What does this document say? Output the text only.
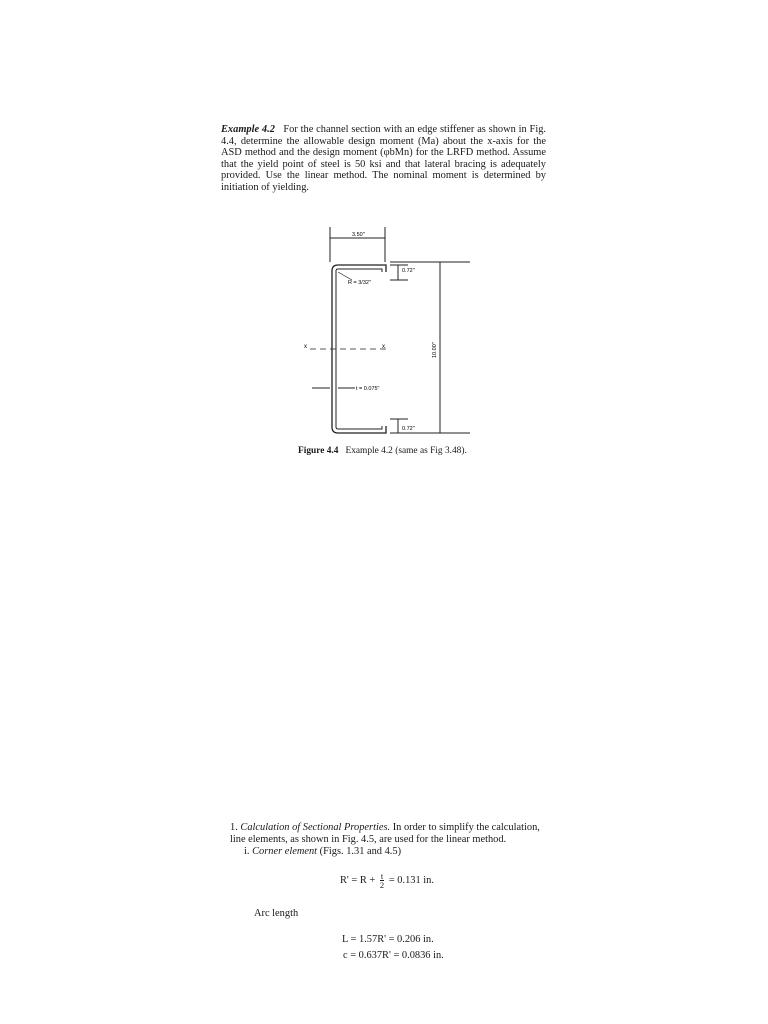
Example 4.2 For the channel section with an edge stiffener as shown in Fig. 4.4, determine the allowable design moment (Ma) about the x-axis for the ASD method and the design moment (φbMn) for the LRFD method. Assume that the yield point of steel is 50 ksi and that lateral bracing is adequately provided. Use the linear method. The nominal moment is determined by initiation of yielding.
3.50"
0.72"
0.72"
10.00"
R = 3/32"
t = 0.075"
x	x
Figure 4.4 Example 4.2 (same as Fig 3.48).
1. Calculation of Sectional Properties. In order to simplify the calculation, line elements, as shown in Fig. 4.5, are used for the linear method.
i. Corner element (Figs. 1.31 and 4.5)
$R' = R + \frac{t}{2} = 0.131$ in.
Arc length
L = 1.57R' = 0.206 in.
c = 0.637R' = 0.0836 in.
